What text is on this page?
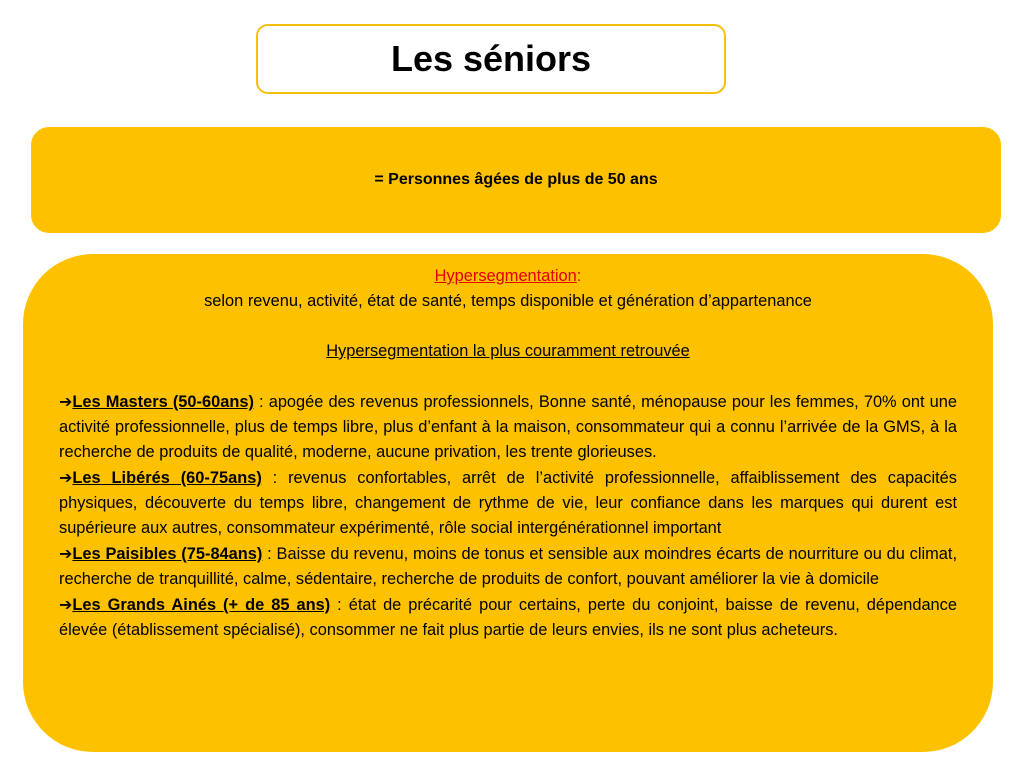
Les séniors
= Personnes âgées de plus de 50 ans
Hypersegmentation:
selon revenu, activité, état de santé, temps disponible et génération d’appartenance
Hypersegmentation la plus couramment retrouvée

➔Les Masters (50-60ans) : apogée des revenus professionnels, Bonne santé, ménopause pour les femmes, 70% ont une activité professionnelle, plus de temps libre, plus d’enfant à la maison, consommateur qui a connu l’arrivée de la GMS, à la recherche de produits de qualité, moderne, aucune privation, les trente glorieuses.

➔Les Libérés (60-75ans) : revenus confortables, arrêt de l’activité professionnelle, affaiblissement des capacités physiques, découverte du temps libre, changement de rythme de vie, leur confiance dans les marques qui durent est supérieure aux autres, consommateur expérimenté, rôle social intergénérationnel important

➔Les Paisibles (75-84ans) : Baisse du revenu, moins de tonus et sensible aux moindres écarts de nourriture ou du climat, recherche de tranquillité, calme, sédentaire, recherche de produits de confort, pouvant améliorer la vie à domicile

➔Les Grands Ainés (+ de 85 ans) : état de précarité pour certains, perte du conjoint, baisse de revenu, dépendance élevée (établissement spécialisé), consommer ne fait plus partie de leurs envies, ils ne sont plus acheteurs.
